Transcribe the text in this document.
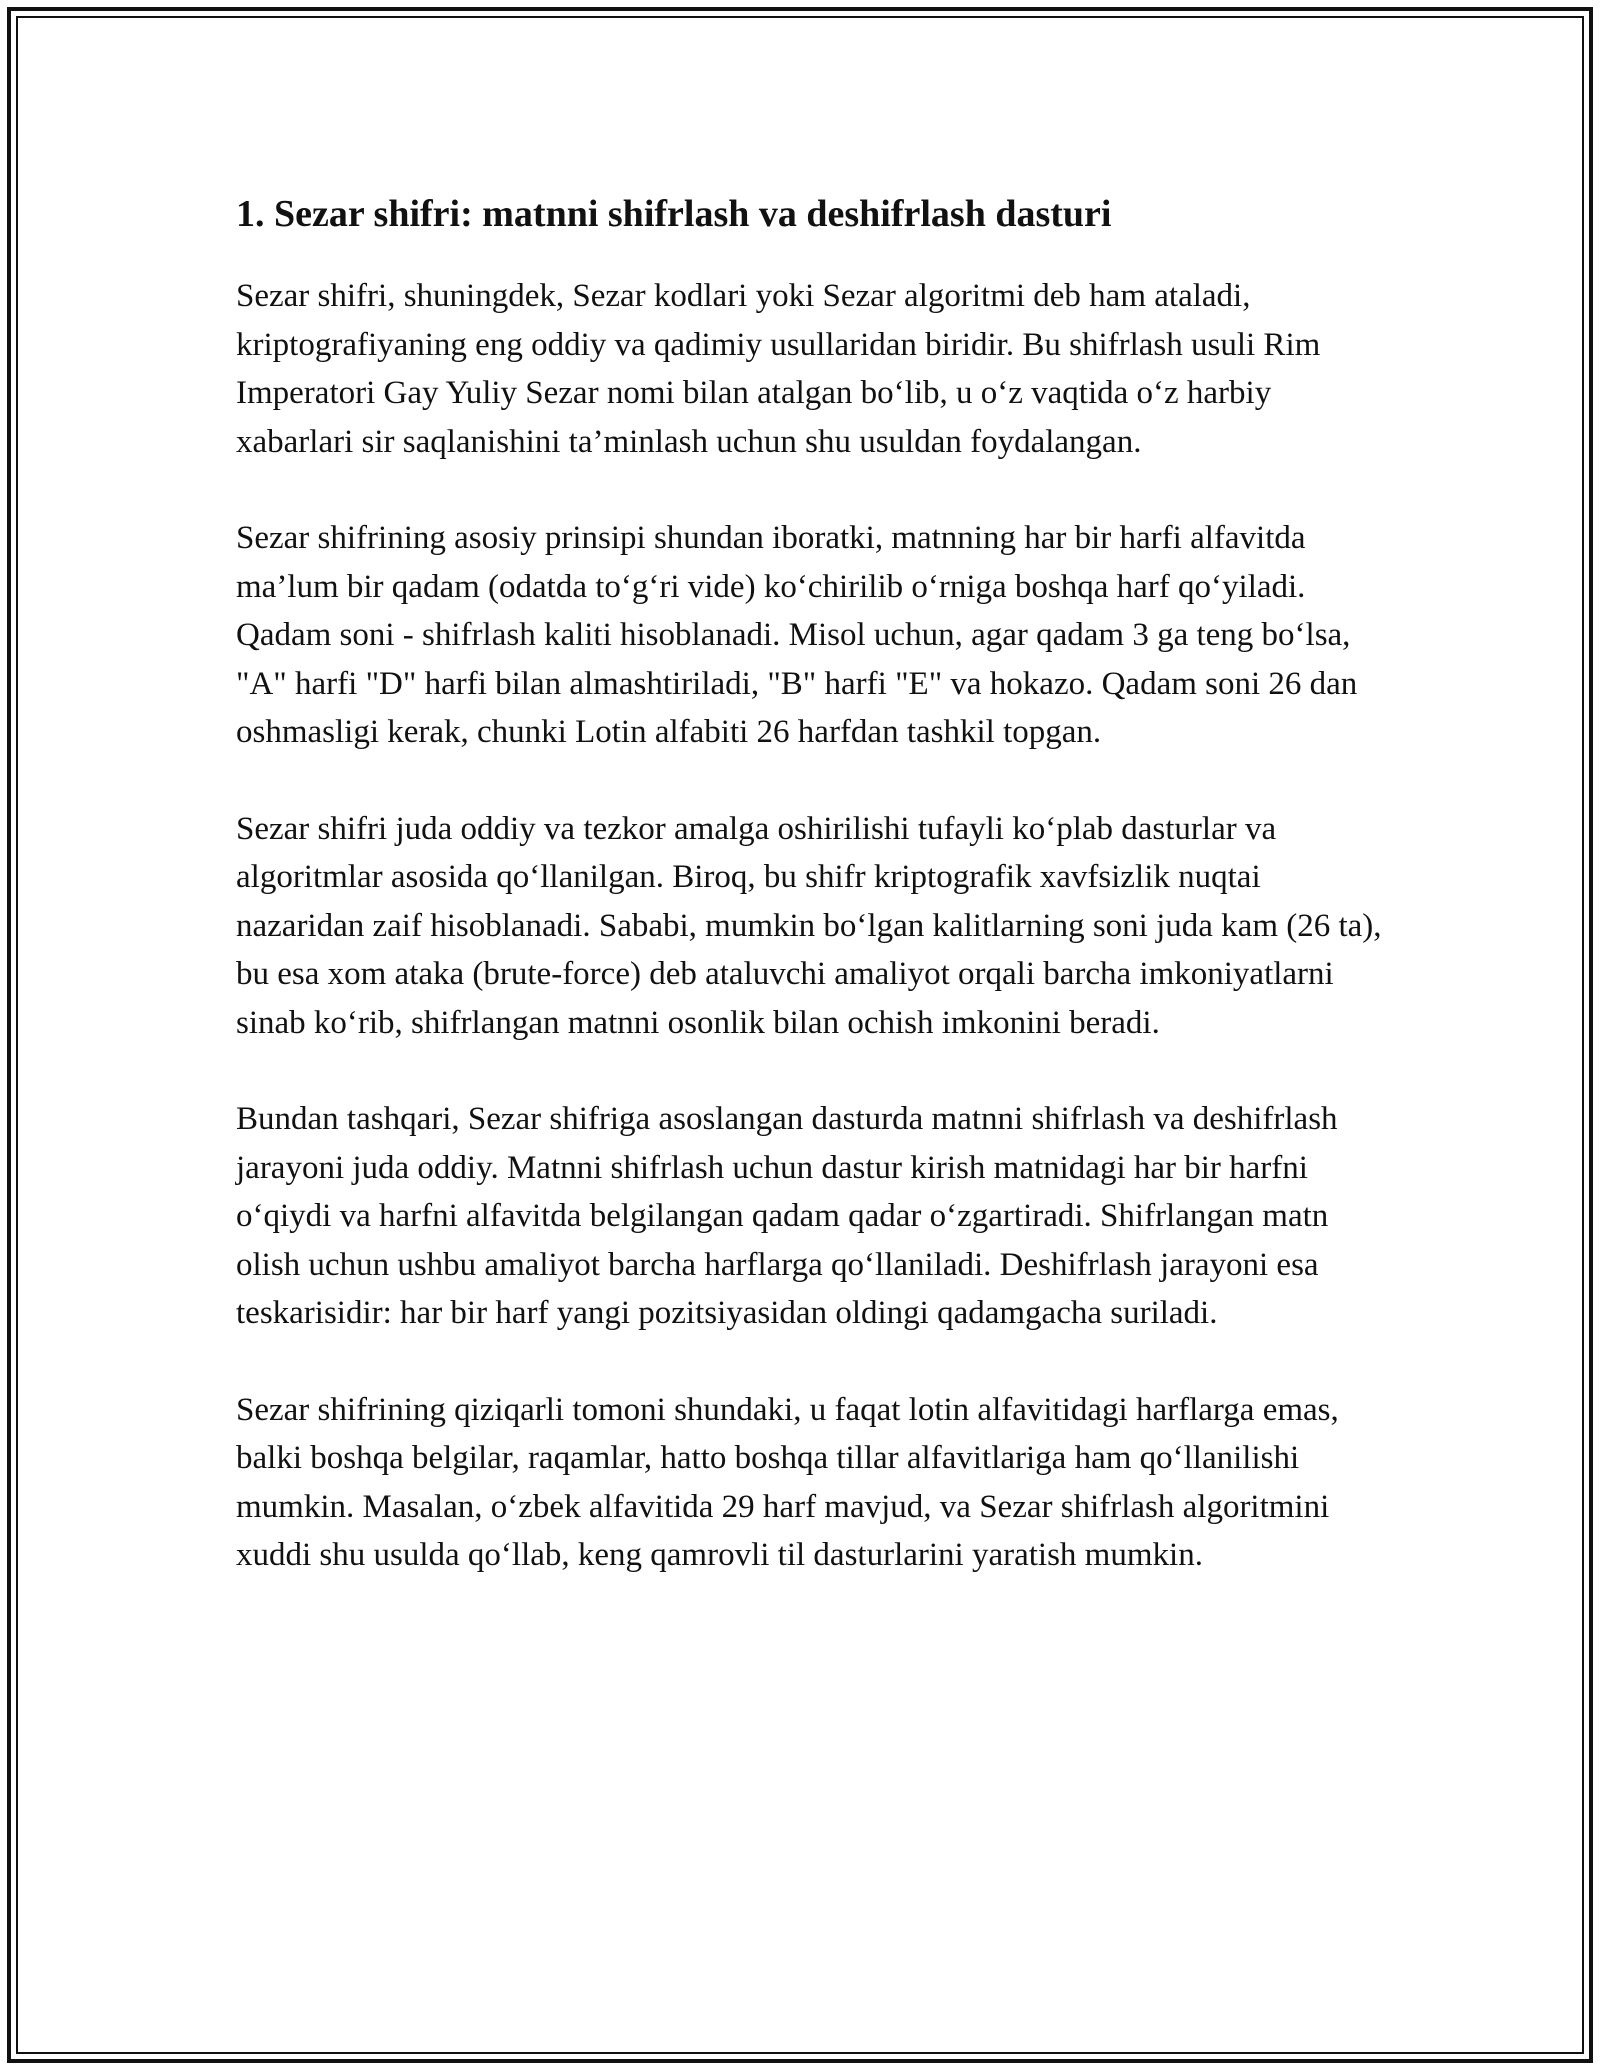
1. Sezar shifri: matnni shifrlash va deshifrlash dasturi

Sezar shifri, shuningdek, Sezar kodlari yoki Sezar algoritmi deb ham ataladi, kriptografiyaning eng oddiy va qadimiy usullaridan biridir. Bu shifrlash usuli Rim Imperatori Gay Yuliy Sezar nomi bilan atalgan bo‘lib, u o‘z vaqtida o‘z harbiy xabarlari sir saqlanishini ta’minlash uchun shu usuldan foydalangan.

Sezar shifrining asosiy prinsipi shundan iboratki, matnning har bir harfi alfavitda ma’lum bir qadam (odatda to‘g‘ri vide) ko‘chirilib o‘rniga boshqa harf qo‘yiladi. Qadam soni - shifrlash kaliti hisoblanadi. Misol uchun, agar qadam 3 ga teng bo‘lsa, "A" harfi "D" harfi bilan almashtiriladi, "B" harfi "E" va hokazo. Qadam soni 26 dan oshmasligi kerak, chunki Lotin alfabiti 26 harfdan tashkil topgan.

Sezar shifri juda oddiy va tezkor amalga oshirilishi tufayli ko‘plab dasturlar va algoritmlar asosida qo‘llanilgan. Biroq, bu shifr kriptografik xavfsizlik nuqtai nazaridan zaif hisoblanadi. Sababi, mumkin bo‘lgan kalitlarning soni juda kam (26 ta), bu esa xom ataka (brute-force) deb ataluvchi amaliyot orqali barcha imkoniyatlarni sinab ko‘rib, shifrlangan matnni osonlik bilan ochish imkonini beradi.

Bundan tashqari, Sezar shifriga asoslangan dasturda matnni shifrlash va deshifrlash jarayoni juda oddiy. Matnni shifrlash uchun dastur kirish matnidagi har bir harfni o‘qiydi va harfni alfavitda belgilangan qadam qadar o‘zgartiradi. Shifrlangan matn olish uchun ushbu amaliyot barcha harflarga qo‘llaniladi. Deshifrlash jarayoni esa teskarisidir: har bir harf yangi pozitsiyasidan oldingi qadamgacha suriladi.

Sezar shifrining qiziqarli tomoni shundaki, u faqat lotin alfavitidagi harflarga emas, balki boshqa belgilar, raqamlar, hatto boshqa tillar alfavitlariga ham qo‘llanilishi mumkin. Masalan, o‘zbek alfavitida 29 harf mavjud, va Sezar shifrlash algoritmini xuddi shu usulda qo‘llab, keng qamrovli til dasturlarini yaratish mumkin.
